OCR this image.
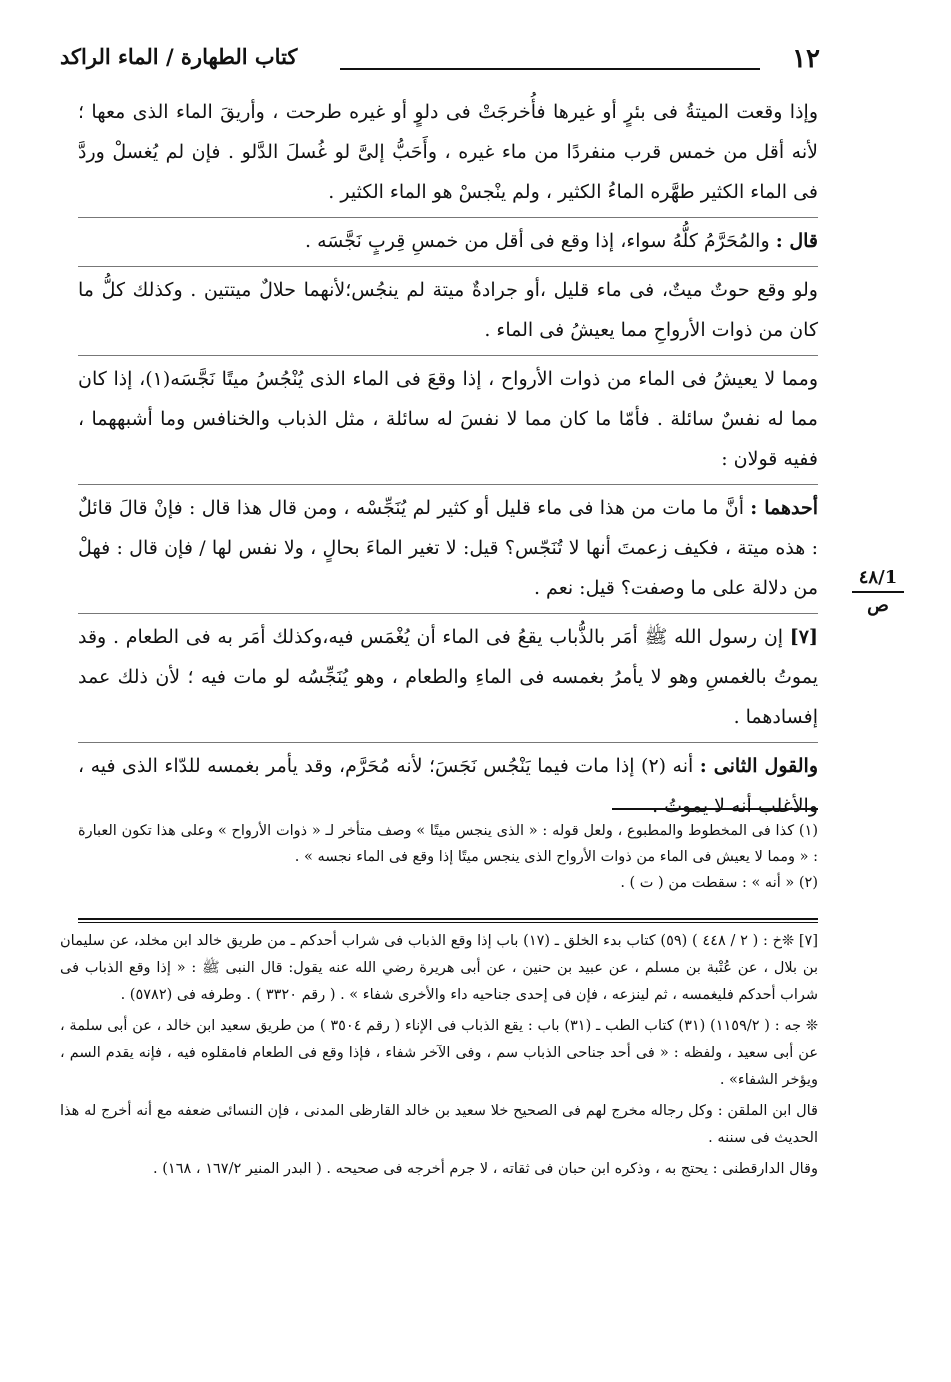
١٢
كتاب الطهارة / الماء الراكد
1/٤٨
ص

وإذا وقعت الميتةُ فى بئرٍ أو غيرها فأُخرجَتْ فى دلوٍ أو غيره طرحت ، وأريقَ الماء الذى معها ؛ لأنه أقل من خمس قرب منفردًا من ماء غيره ، وأَحَبُّ إلىَّ لو غُسلَ الدَّلو . فإن لم يُغسلْ وردَّ فى الماء الكثير طهَّره الماءُ الكثير ، ولم ينْجسْ هو الماء الكثير .

قال : والمُحَرَّمُ كلُّهُ سواء، إذا وقع فى أقل من خمسِ قِربٍ نَجَّسَه .

ولو وقع حوتٌ ميتٌ، فى ماء قليل ،أو جرادةٌ ميتة لم ينجُس؛لأنهما حلالٌ ميتتين . وكذلك كلُّ ما كان من ذوات الأرواحِ مما يعيشُ فى الماء .

ومما لا يعيشُ فى الماء من ذوات الأرواح ، إذا وقعَ فى الماء الذى يُنْجُسُ ميتًا نَجَّسَه(١)، إذا كان مما له نفسٌ سائلة . فأمّا ما كان مما لا نفسَ له سائلة ، مثل الذباب والخنافس وما أشبههما ، ففيه قولان :

أحدهما : أنَّ ما مات من هذا فى ماء قليل أو كثير لم يُنَجِّسْه ، ومن قال هذا قال : فإنْ قالَ قائلٌ : هذه ميتة ، فكيف زعمتَ أنها لا تُنَجّس؟ قيل: لا تغير الماءَ بحالٍ ، ولا نفس لها / فإن قال : فهلْ من دلالة على ما وصفت؟ قيل: نعم .

[٧] إن رسول الله ﷺ أمَر بالذُّباب يقعُ فى الماء أن يُغْمَس فيه،وكذلك أمَر به فى الطعام . وقد يموتُ بالغمسِ وهو لا يأمرُ بغمسه فى الماءِ والطعام ، وهو يُنَجِّسُه لو مات فيه ؛ لأن ذلك عمد إفسادهما .

والقول الثانى : أنه (٢) إذا مات فيما يَنْجُس نَجَسَ؛ لأنه مُحَرَّم، وقد يأمر بغمسه للدّاء الذى فيه ، والأغلب أنه لا يموتُ .

(١) كذا فى المخطوط والمطبوع ، ولعل قوله : « الذى ينجس ميتًا » وصف متأخر لـ « ذوات الأرواح » وعلى هذا تكون العبارة : « ومما لا يعيش فى الماء من ذوات الأرواح الذى ينجس ميتًا إذا وقع فى الماء نجسه » .
(٢) « أنه » : سقطت من ( ت ) .

[٧] ❊خ : ( ٢ / ٤٤٨ ) (٥٩) كتاب بدء الخلق ـ (١٧) باب إذا وقع الذباب فى شراب أحدكم ـ من طريق خالد ابن مخلد، عن سليمان بن بلال ، عن عُتْبة بن مسلم ، عن عبيد بن حنين ، عن أبى هريرة رضي الله عنه يقول: قال النبى ﷺ : « إذا وقع الذباب فى شراب أحدكم فليغمسه ، ثم لينزعه ، فإن فى إحدى جناحيه داء والأخرى شفاء » . ( رقم ٣٣٢٠ ) . وطرفه فى (٥٧٨٢) .

❊ جه : ( ١١٥٩/٢) (٣١) كتاب الطب ـ (٣١) باب : يقع الذباب فى الإناء ( رقم ٣٥٠٤ ) من طريق سعيد ابن خالد ، عن أبى سلمة ، عن أبى سعيد ، ولفظه : « فى أحد جناحى الذباب سم ، وفى الآخر شفاء ، فإذا وقع فى الطعام فامقلوه فيه ، فإنه يقدم السم ، ويؤخر الشفاء» .

قال ابن الملقن : وكل رجاله مخرج لهم فى الصحيح خلا سعيد بن خالد القارظى المدنى ، فإن النسائى ضعفه مع أنه أخرج له هذا الحديث فى سننه .

وقال الدارقطنى : يحتج به ، وذكره ابن حبان فى ثقاته ، لا جرم أخرجه فى صحيحه . ( البدر المنير ١٦٧/٢ ، ١٦٨) .
